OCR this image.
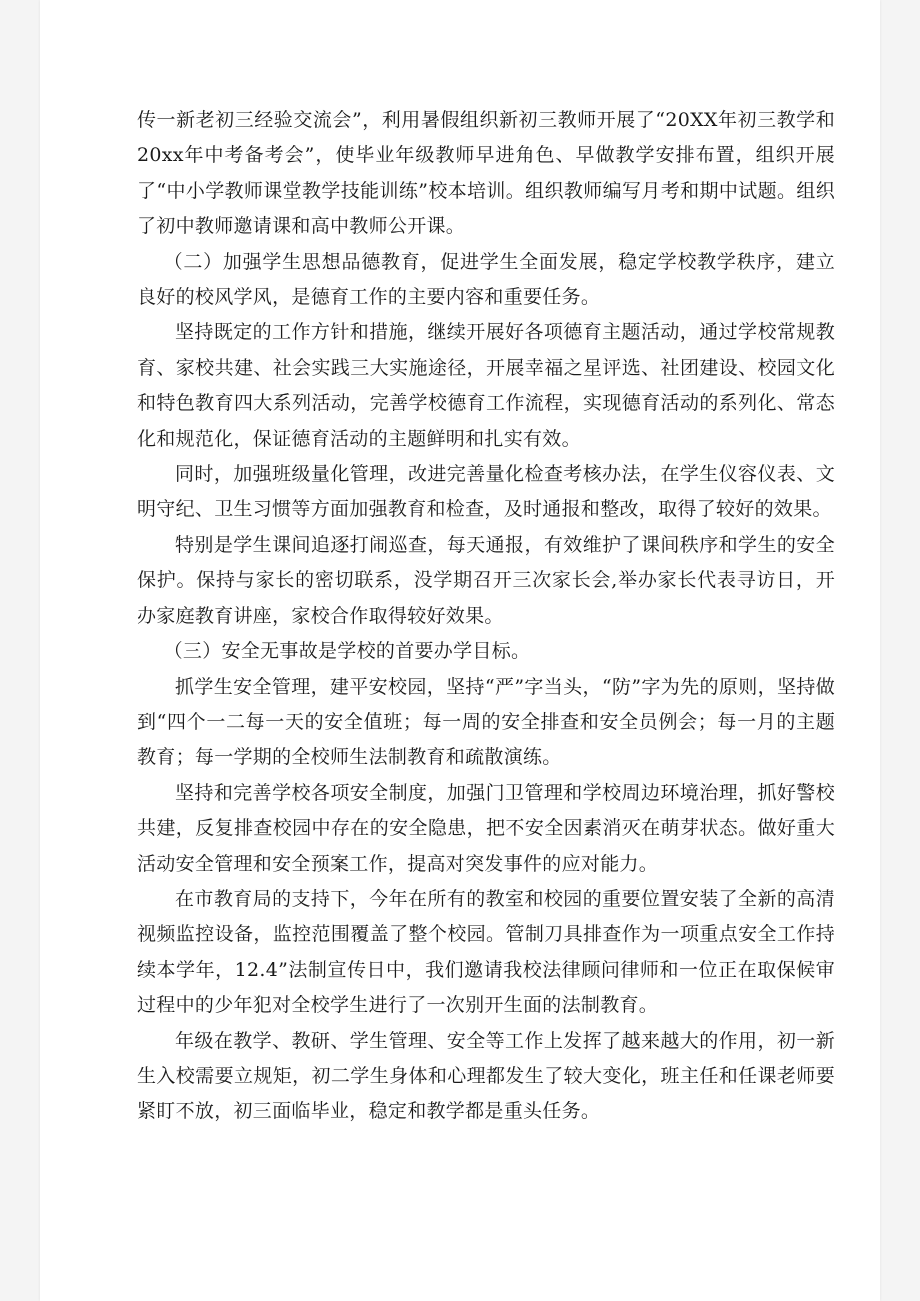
传一新老初三经验交流会”，利用暑假组织新初三教师开展了“20XX年初三教学和20xx年中考备考会”，使毕业年级教师早进角色、早做教学安排布置，组织开展了“中小学教师课堂教学技能训练”校本培训。组织教师编写月考和期中试题。组织了初中教师邀请课和高中教师公开课。

（二）加强学生思想品德教育，促进学生全面发展，稳定学校教学秩序，建立良好的校风学风，是德育工作的主要内容和重要任务。

坚持既定的工作方针和措施，继续开展好各项德育主题活动，通过学校常规教育、家校共建、社会实践三大实施途径，开展幸福之星评选、社团建设、校园文化和特色教育四大系列活动，完善学校德育工作流程，实现德育活动的系列化、常态化和规范化，保证德育活动的主题鲜明和扎实有效。

同时，加强班级量化管理，改进完善量化检查考核办法，在学生仪容仪表、文明守纪、卫生习惯等方面加强教育和检查，及时通报和整改，取得了较好的效果。

特别是学生课间追逐打闹巡查，每天通报，有效维护了课间秩序和学生的安全保护。保持与家长的密切联系，没学期召开三次家长会,举办家长代表寻访日，开办家庭教育讲座，家校合作取得较好效果。

（三）安全无事故是学校的首要办学目标。

抓学生安全管理，建平安校园，坚持“严”字当头，“防”字为先的原则，坚持做到“四个一二每一天的安全值班；每一周的安全排查和安全员例会；每一月的主题教育；每一学期的全校师生法制教育和疏散演练。

坚持和完善学校各项安全制度，加强门卫管理和学校周边环境治理，抓好警校共建，反复排查校园中存在的安全隐患，把不安全因素消灭在萌芽状态。做好重大活动安全管理和安全预案工作，提高对突发事件的应对能力。

在市教育局的支持下，今年在所有的教室和校园的重要位置安装了全新的高清视频监控设备，监控范围覆盖了整个校园。管制刀具排查作为一项重点安全工作持续本学年，12.4”法制宣传日中，我们邀请我校法律顾问律师和一位正在取保候审过程中的少年犯对全校学生进行了一次别开生面的法制教育。

年级在教学、教研、学生管理、安全等工作上发挥了越来越大的作用，初一新生入校需要立规矩，初二学生身体和心理都发生了较大变化，班主任和任课老师要紧盯不放，初三面临毕业，稳定和教学都是重头任务。
